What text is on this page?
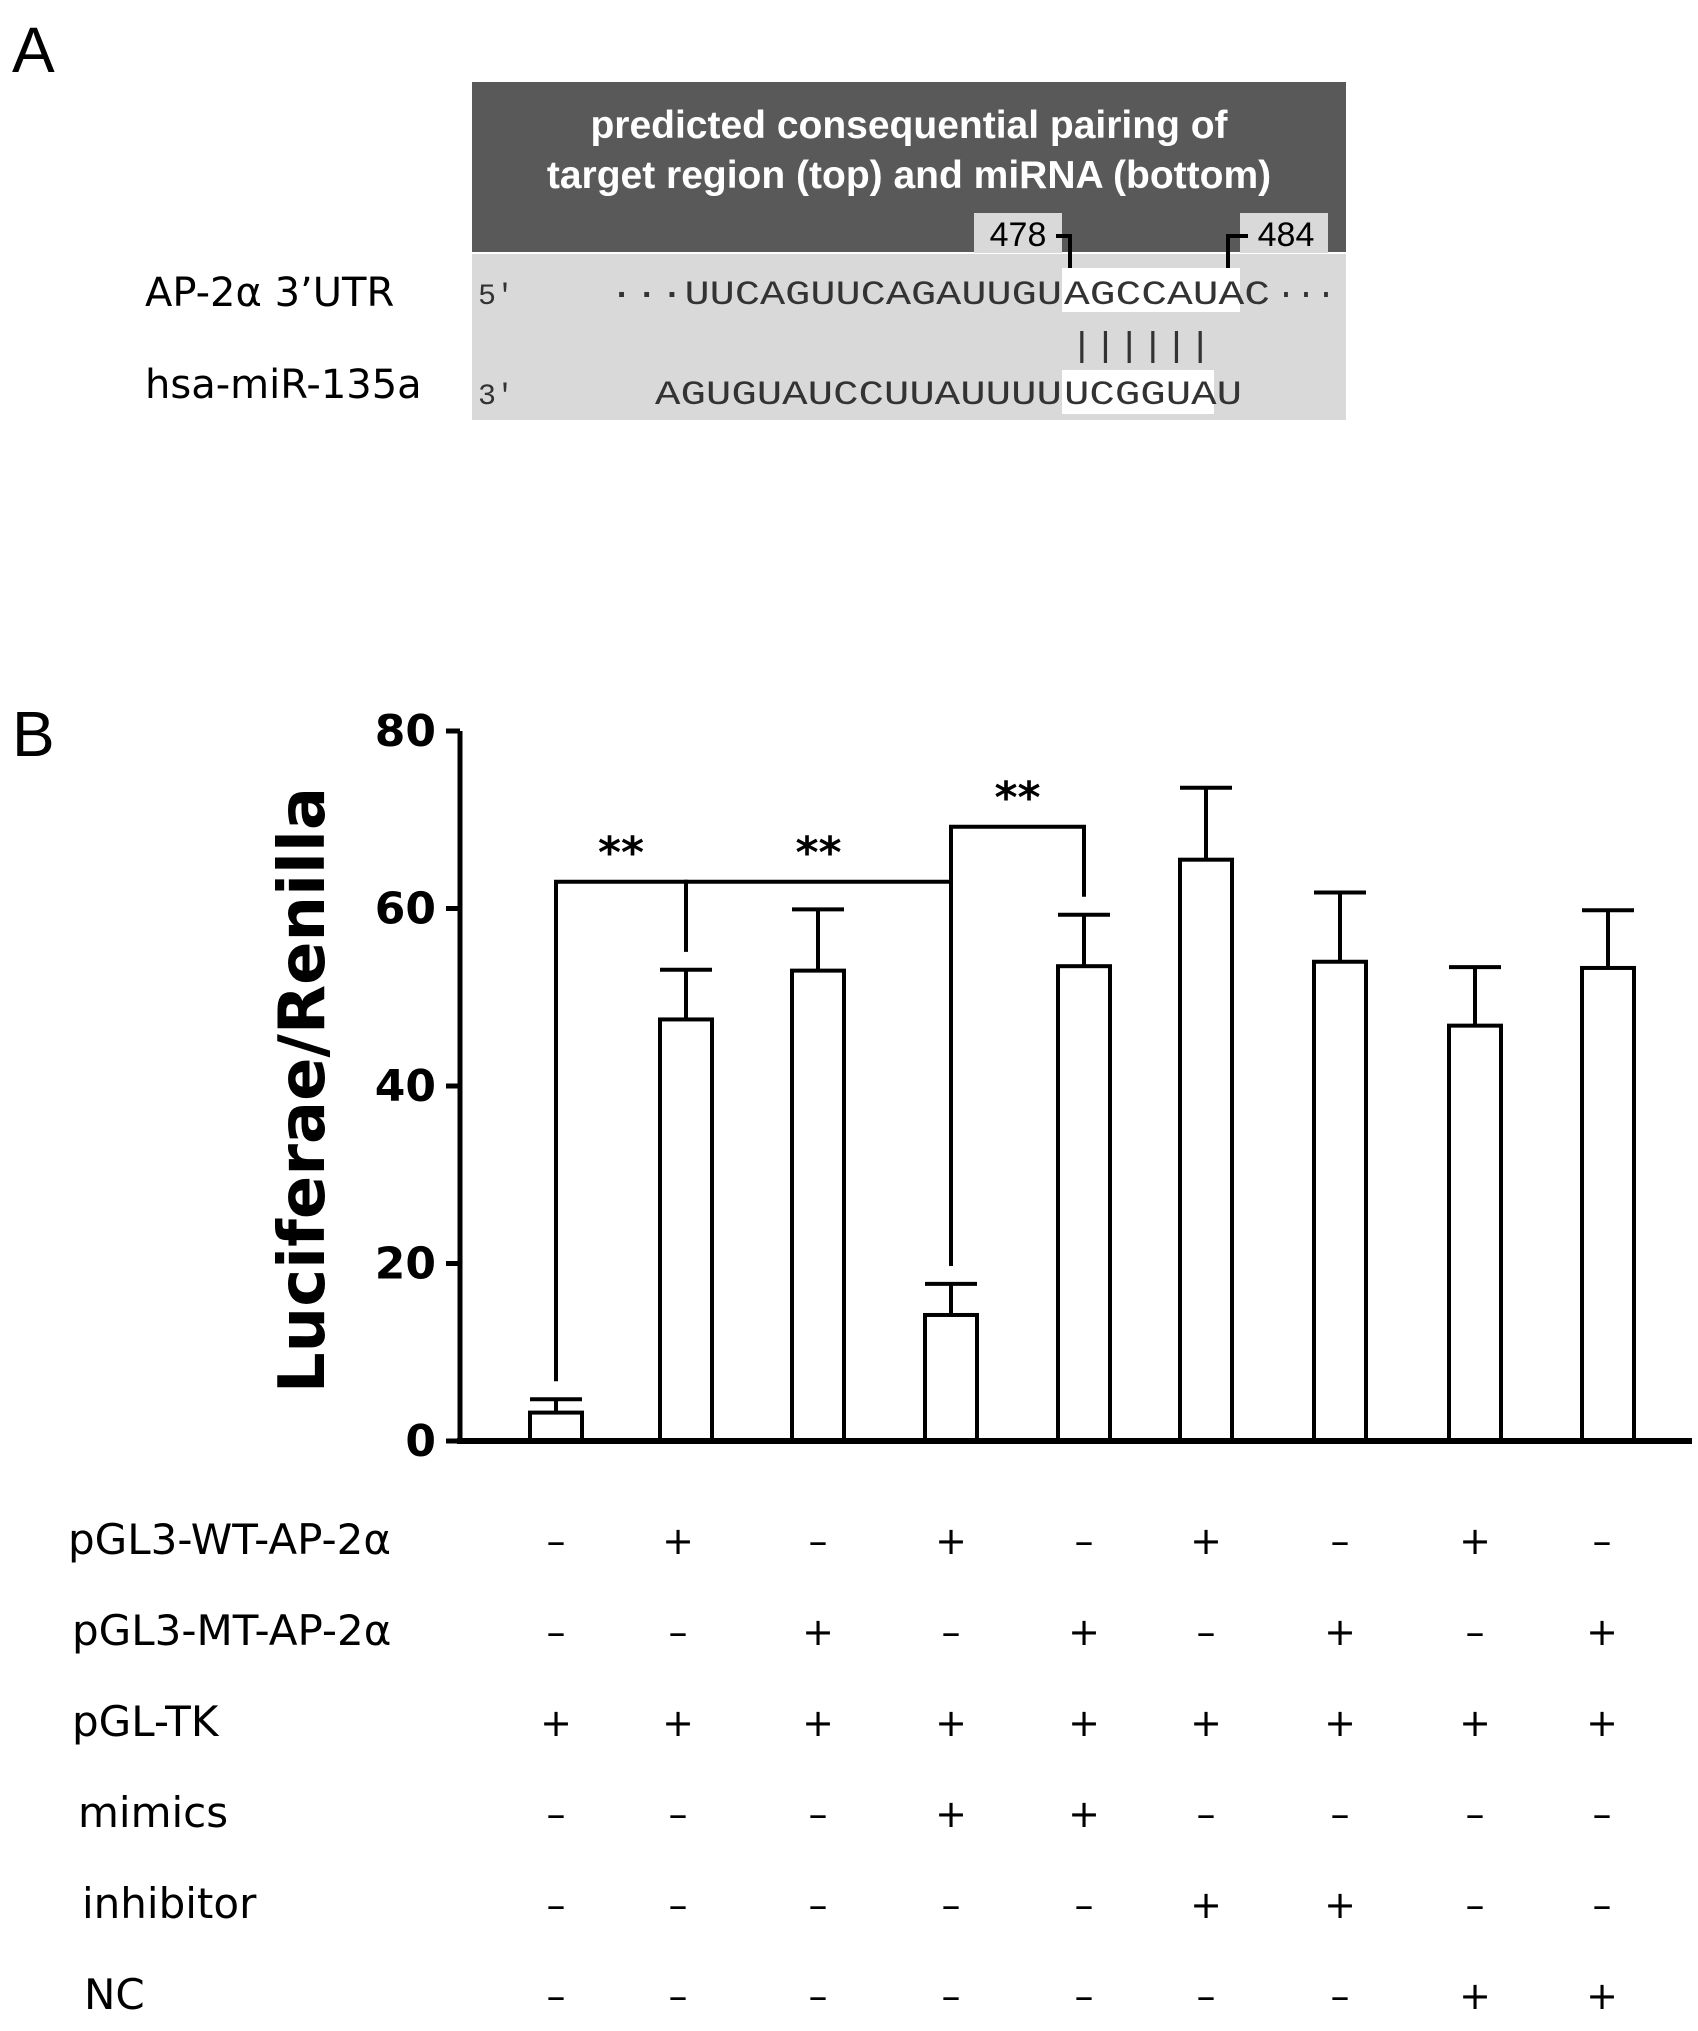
A
predicted consequential pairing of
target region (top) and miRNA (bottom)
478	484
AP-2α 3’UTR	5'	···UUCAGUUCAGAUUGU AGCCAUAC ···
||||||
hsa-miR-135a 3'	AGUGUAUCCUUAUUUU UCGGUAU
B
Luciferae/Renilla
0
20
40
60
80
**	**
**
pGL3-WT-AP-2α	–	+	–	+	–	+	–	+	–
pGL3-MT-AP-2α	–	–	+	–	+	–	+	–	+
pGL-TK	+ +	+	+	+ +	+	+	+
mimics	–	–	–	+	+	–	–	–	–
inhibitor	–	–	–	–	–	+	+	–	–
NC	–	–	–	–	–	–	–	+	+
